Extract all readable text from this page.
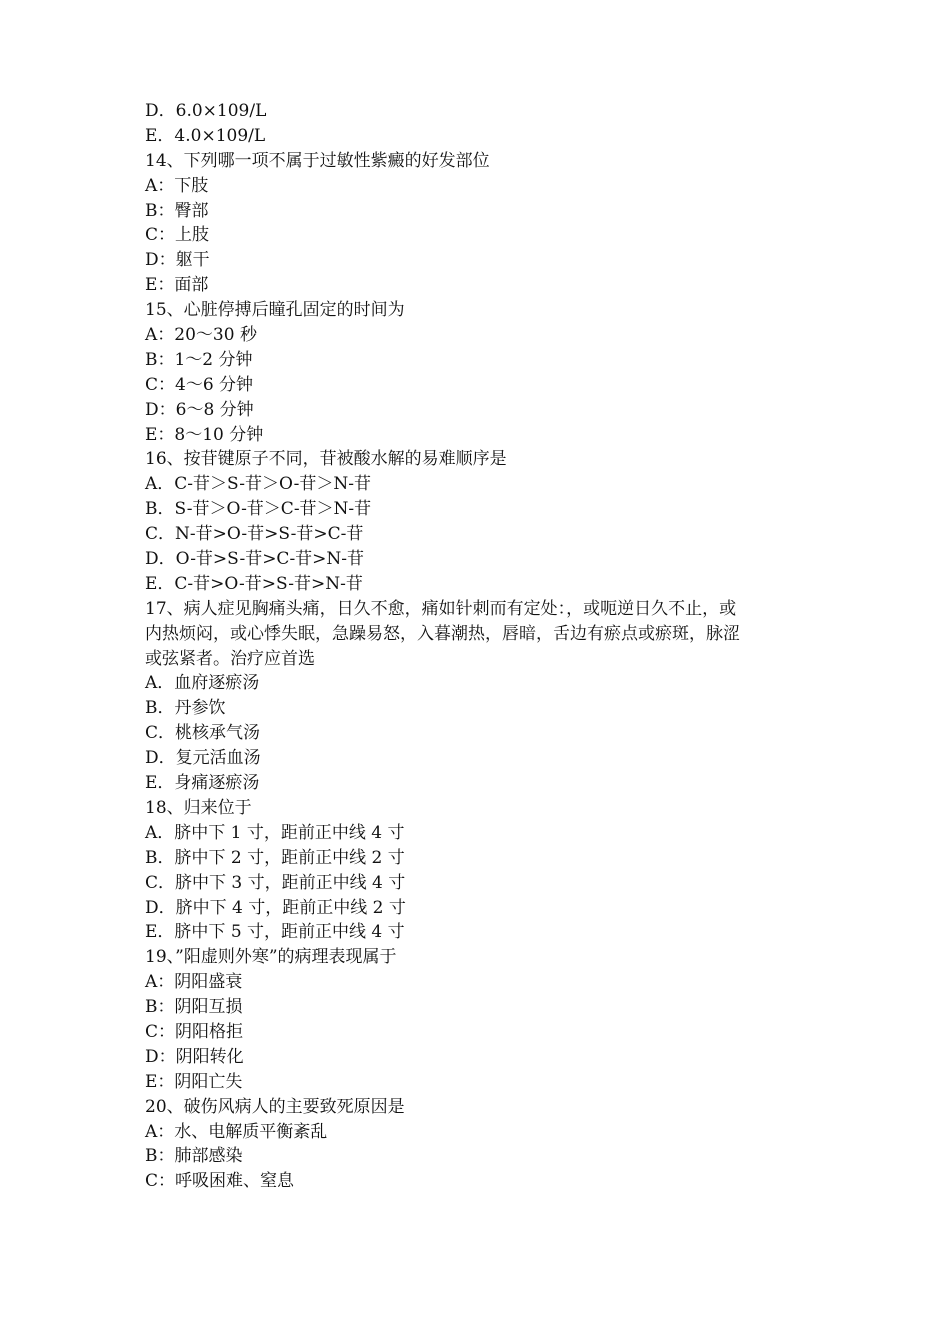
D．6.0×109/L
E．4.0×109/L
14、下列哪一项不属于过敏性紫癜的好发部位
A：下肢
B：臀部
C：上肢
D：躯干
E：面部
15、心脏停搏后瞳孔固定的时间为
A：20～30 秒
B：1～2 分钟
C：4～6 分钟
D：6～8 分钟
E：8～10 分钟
16、按苷键原子不同，苷被酸水解的易难顺序是
A．C-苷＞S-苷＞O-苷＞N-苷
B．S-苷＞O-苷＞C-苷＞N-苷
C．N-苷>O-苷>S-苷>C-苷
D．O-苷>S-苷>C-苷>N-苷
E．C-苷>O-苷>S-苷>N-苷
17、病人症见胸痛头痛，日久不愈，痛如针刺而有定处：，或呃逆日久不止，或
内热烦闷，或心悸失眠，急躁易怒，入暮潮热，唇暗，舌边有瘀点或瘀斑，脉涩
或弦紧者。治疗应首选
A．血府逐瘀汤
B．丹参饮
C．桃核承气汤
D．复元活血汤
E．身痛逐瘀汤
18、归来位于
A．脐中下 1 寸，距前正中线 4 寸
B．脐中下 2 寸，距前正中线 2 寸
C．脐中下 3 寸，距前正中线 4 寸
D．脐中下 4 寸，距前正中线 2 寸
E．脐中下 5 寸，距前正中线 4 寸
19、”阳虚则外寒”的病理表现属于
A：阴阳盛衰
B：阴阳互损
C：阴阳格拒
D：阴阳转化
E：阴阳亡失
20、破伤风病人的主要致死原因是
A：水、电解质平衡紊乱
B：肺部感染
C：呼吸困难、窒息
